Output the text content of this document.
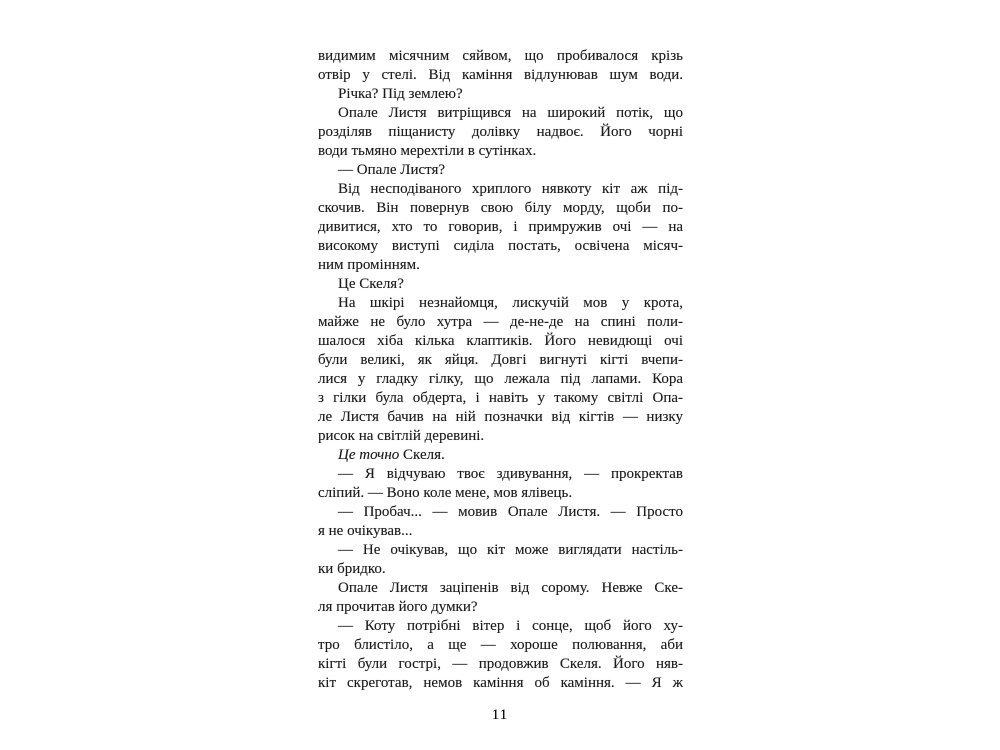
видимим місячним сяйвом, що пробивалося крізь
отвір у стелі. Від каміння відлунював шум води.
Річка? Під землею?
Опале Листя витріщився на широкий потік, що
розділяв піщанисту долівку надвоє. Його чорні
води тьмяно мерехтіли в сутінках.
— Опале Листя?
Від несподіваного хриплого нявкоту кіт аж під-
скочив. Він повернув свою білу морду, щоби по-
дивитися, хто то говорив, і примружив очі — на
високому виступі сиділа постать, освічена місяч-
ним промінням.
Це Скеля?
На шкірі незнайомця, лискучій мов у крота,
майже не було хутра — де-не-де на спині поли-
шалося хіба кілька клаптиків. Його невидющі очі
були великі, як яйця. Довгі вигнуті кігті вчепи-
лися у гладку гілку, що лежала під лапами. Кора
з гілки була обдерта, і навіть у такому світлі Опа-
ле Листя бачив на ній позначки від кігтів — низку
рисок на світлій деревині.
Це точно Скеля.
— Я відчуваю твоє здивування, — прокректав
сліпий. — Воно коле мене, мов ялівець.
— Пробач... — мовив Опале Листя. — Просто
я не очікував...
— Не очікував, що кіт може виглядати настіль-
ки бридко.
Опале Листя заціпенів від сорому. Невже Ске-
ля прочитав його думки?
— Коту потрібні вітер і сонце, щоб його ху-
тро блистіло, а ще — хороше полювання, аби
кігті були гострі, — продовжив Скеля. Його няв-
кіт скреготав, немов каміння об каміння. — Я ж
11
